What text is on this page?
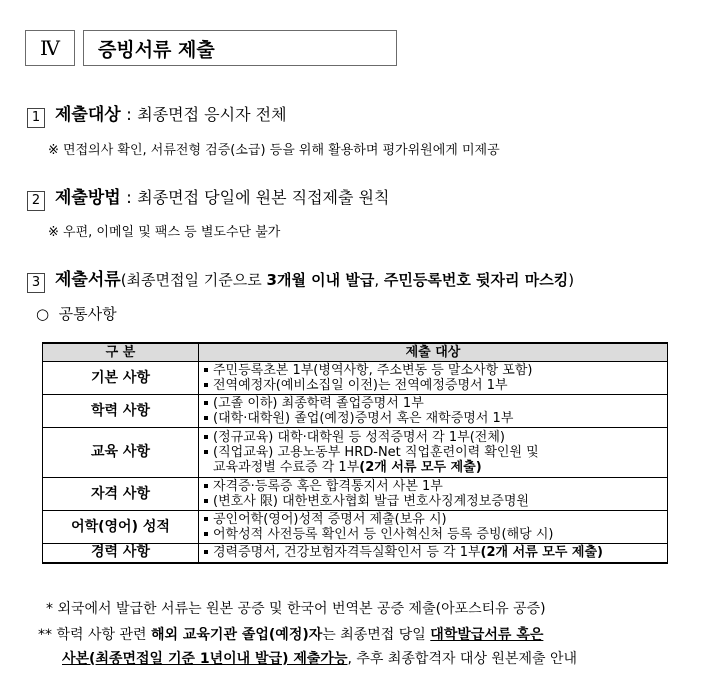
Ⅳ 증빙서류 제출
1 제출대상 : 최종면접 응시자 전체
※ 면접의사 확인, 서류전형 검증(소급) 등을 위해 활용하며 평가위원에게 미제공
2 제출방법 : 최종면접 당일에 원본 직접제출 원칙
※ 우편, 이메일 및 팩스 등 별도수단 불가
3 제출서류 (최종면접일 기준으로 3개월 이내 발급 , 주민등록번호 뒷자리 마스킹 )
○  공통사항
구 분	제출 대상
기본 사항	주민등록초본 1부(병역사항, 주소변동 등 말소사항 포함)
전역예정자(예비소집일 이전)는 전역예정증명서 1부

학력 사항	(고졸 이하) 최종학력 졸업증명서 1부
(대학·대학원) 졸업(예정)증명서 혹은 재학증명서 1부

교육 사항	(정규교육) 대학·대학원 등 성적증명서 각 1부(전체)
(직업교육) 고용노동부 HRD-Net 직업훈련이력 확인원 및
교육과정별 수료증 각 1부(2개 서류 모두 제출)

자격 사항	자격증·등록증 혹은 합격통지서 사본 1부
(변호사 限) 대한변호사협회 발급 변호사징계정보증명원

어학(영어) 성적	공인어학(영어)성적 증명서 제출(보유 시)
어학성적 사전등록 확인서 등 인사혁신처 등록 증빙(해당 시)

경력 사항	경력증명서, 건강보험자격득실확인서 등 각 1부(2개 서류 모두 제출)
* 외국에서 발급한 서류는 원본 공증 및 한국어 번역본 공증 제출(아포스티유 공증)
** 학력 사항 관련 해외 교육기관 졸업(예정)자는 최종면접 당일 대학발급서류 혹은
사본(최종면접일 기준 1년이내 발급) 제출가능, 추후 최종합격자 대상 원본제출 안내
